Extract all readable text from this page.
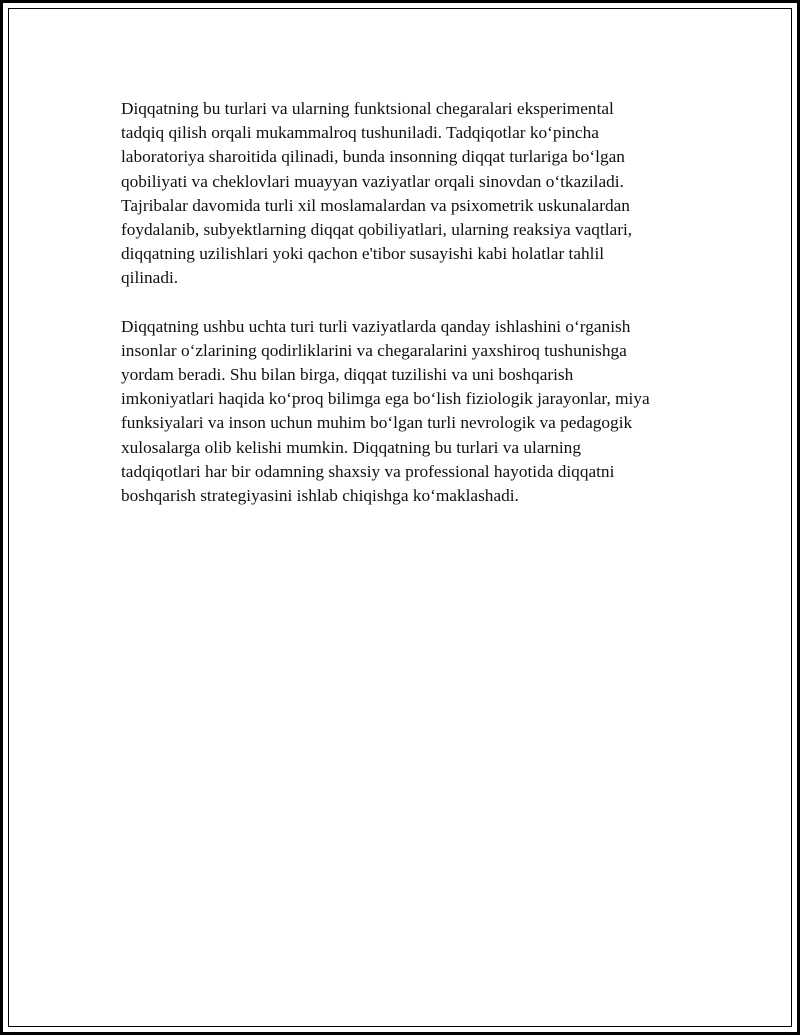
Diqqatning bu turlari va ularning funktsional chegaralari eksperimental
tadqiq qilish orqali mukammalroq tushuniladi. Tadqiqotlar koʻpincha
laboratoriya sharoitida qilinadi, bunda insonning diqqat turlariga boʻlgan
qobiliyati va cheklovlari muayyan vaziyatlar orqali sinovdan oʻtkaziladi.
Tajribalar davomida turli xil moslamalardan va psixometrik uskunalardan
foydalanib, subyektlarning diqqat qobiliyatlari, ularning reaksiya vaqtlari,
diqqatning uzilishlari yoki qachon e'tibor susayishi kabi holatlar tahlil
qilinadi.

Diqqatning ushbu uchta turi turli vaziyatlarda qanday ishlashini oʻrganish
insonlar oʻzlarining qodirliklarini va chegaralarini yaxshiroq tushunishga
yordam beradi. Shu bilan birga, diqqat tuzilishi va uni boshqarish
imkoniyatlari haqida koʻproq bilimga ega boʻlish fiziologik jarayonlar, miya
funksiyalari va inson uchun muhim boʻlgan turli nevrologik va pedagogik
xulosalarga olib kelishi mumkin. Diqqatning bu turlari va ularning
tadqiqotlari har bir odamning shaxsiy va professional hayotida diqqatni
boshqarish strategiyasini ishlab chiqishga koʻmaklashadi.
